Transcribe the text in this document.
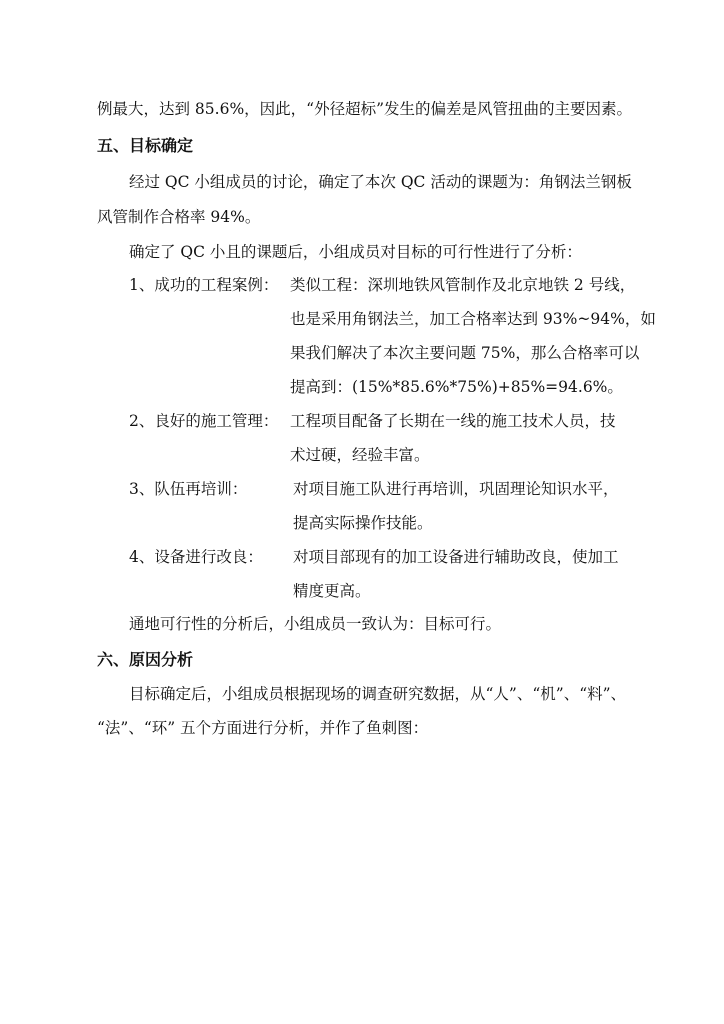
例最大，达到 85.6%，因此，“外径超标”发生的偏差是风管扭曲的主要因素。
五、目标确定
经过 QC 小组成员的讨论，确定了本次 QC 活动的课题为：角钢法兰钢板
风管制作合格率 94%。
确定了 QC 小且的课题后，小组成员对目标的可行性进行了分析：
1、成功的工程案例： 类似工程：深圳地铁风管制作及北京地铁 2 号线，
也是采用角钢法兰，加工合格率达到 93%~94%，如
果我们解决了本次主要问题 75%，那么合格率可以
提高到：(15%*85.6%*75%)+85%=94.6%。
2、良好的施工管理： 工程项目配备了长期在一线的施工技术人员，技
术过硬，经验丰富。
3、队伍再培训：	对项目施工队进行再培训，巩固理论知识水平，
提高实际操作技能。
4、设备进行改良： 对项目部现有的加工设备进行辅助改良，使加工
精度更高。
通地可行性的分析后，小组成员一致认为：目标可行。
六、原因分析
目标确定后，小组成员根据现场的调查研究数据，从“人”、“机”、“料”、
“法”、“环” 五个方面进行分析，并作了鱼刺图：
